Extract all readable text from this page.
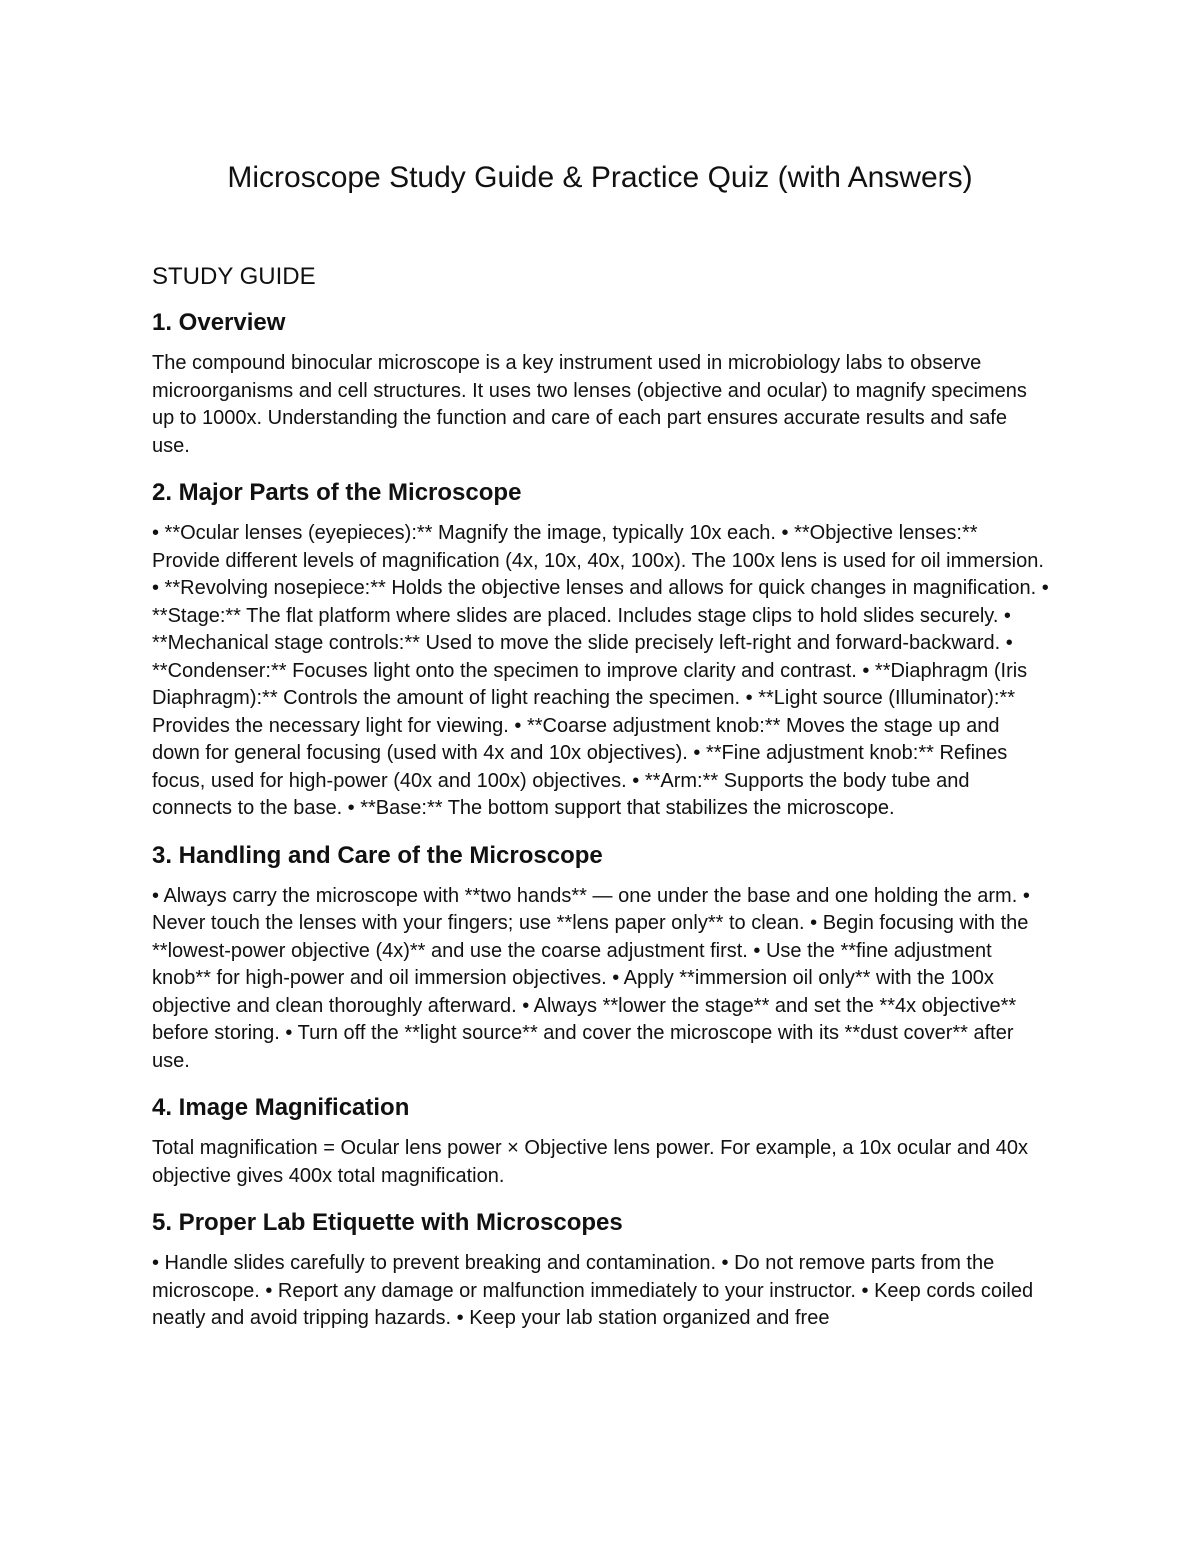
Microscope Study Guide & Practice Quiz (with Answers)
STUDY GUIDE
1. Overview

The compound binocular microscope is a key instrument used in microbiology labs to observe microorganisms and cell structures. It uses two lenses (objective and ocular) to magnify specimens up to 1000x. Understanding the function and care of each part ensures accurate results and safe use.

2. Major Parts of the Microscope

• **Ocular lenses (eyepieces):** Magnify the image, typically 10x each. • **Objective lenses:** Provide different levels of magnification (4x, 10x, 40x, 100x). The 100x lens is used for oil immersion. • **Revolving nosepiece:** Holds the objective lenses and allows for quick changes in magnification. • **Stage:** The flat platform where slides are placed. Includes stage clips to hold slides securely. • **Mechanical stage controls:** Used to move the slide precisely left-right and forward-backward. • **Condenser:** Focuses light onto the specimen to improve clarity and contrast. • **Diaphragm (Iris Diaphragm):** Controls the amount of light reaching the specimen. • **Light source (Illuminator):** Provides the necessary light for viewing. • **Coarse adjustment knob:** Moves the stage up and down for general focusing (used with 4x and 10x objectives). • **Fine adjustment knob:** Refines focus, used for high-power (40x and 100x) objectives. • **Arm:** Supports the body tube and connects to the base. • **Base:** The bottom support that stabilizes the microscope.

3. Handling and Care of the Microscope

• Always carry the microscope with **two hands** — one under the base and one holding the arm. • Never touch the lenses with your fingers; use **lens paper only** to clean. • Begin focusing with the **lowest-power objective (4x)** and use the coarse adjustment first. • Use the **fine adjustment knob** for high-power and oil immersion objectives. • Apply **immersion oil only** with the 100x objective and clean thoroughly afterward. • Always **lower the stage** and set the **4x objective** before storing. • Turn off the **light source** and cover the microscope with its **dust cover** after use.

4. Image Magnification

Total magnification = Ocular lens power × Objective lens power. For example, a 10x ocular and 40x objective gives 400x total magnification.

5. Proper Lab Etiquette with Microscopes

• Handle slides carefully to prevent breaking and contamination. • Do not remove parts from the microscope. • Report any damage or malfunction immediately to your instructor. • Keep cords coiled neatly and avoid tripping hazards. • Keep your lab station organized and free
